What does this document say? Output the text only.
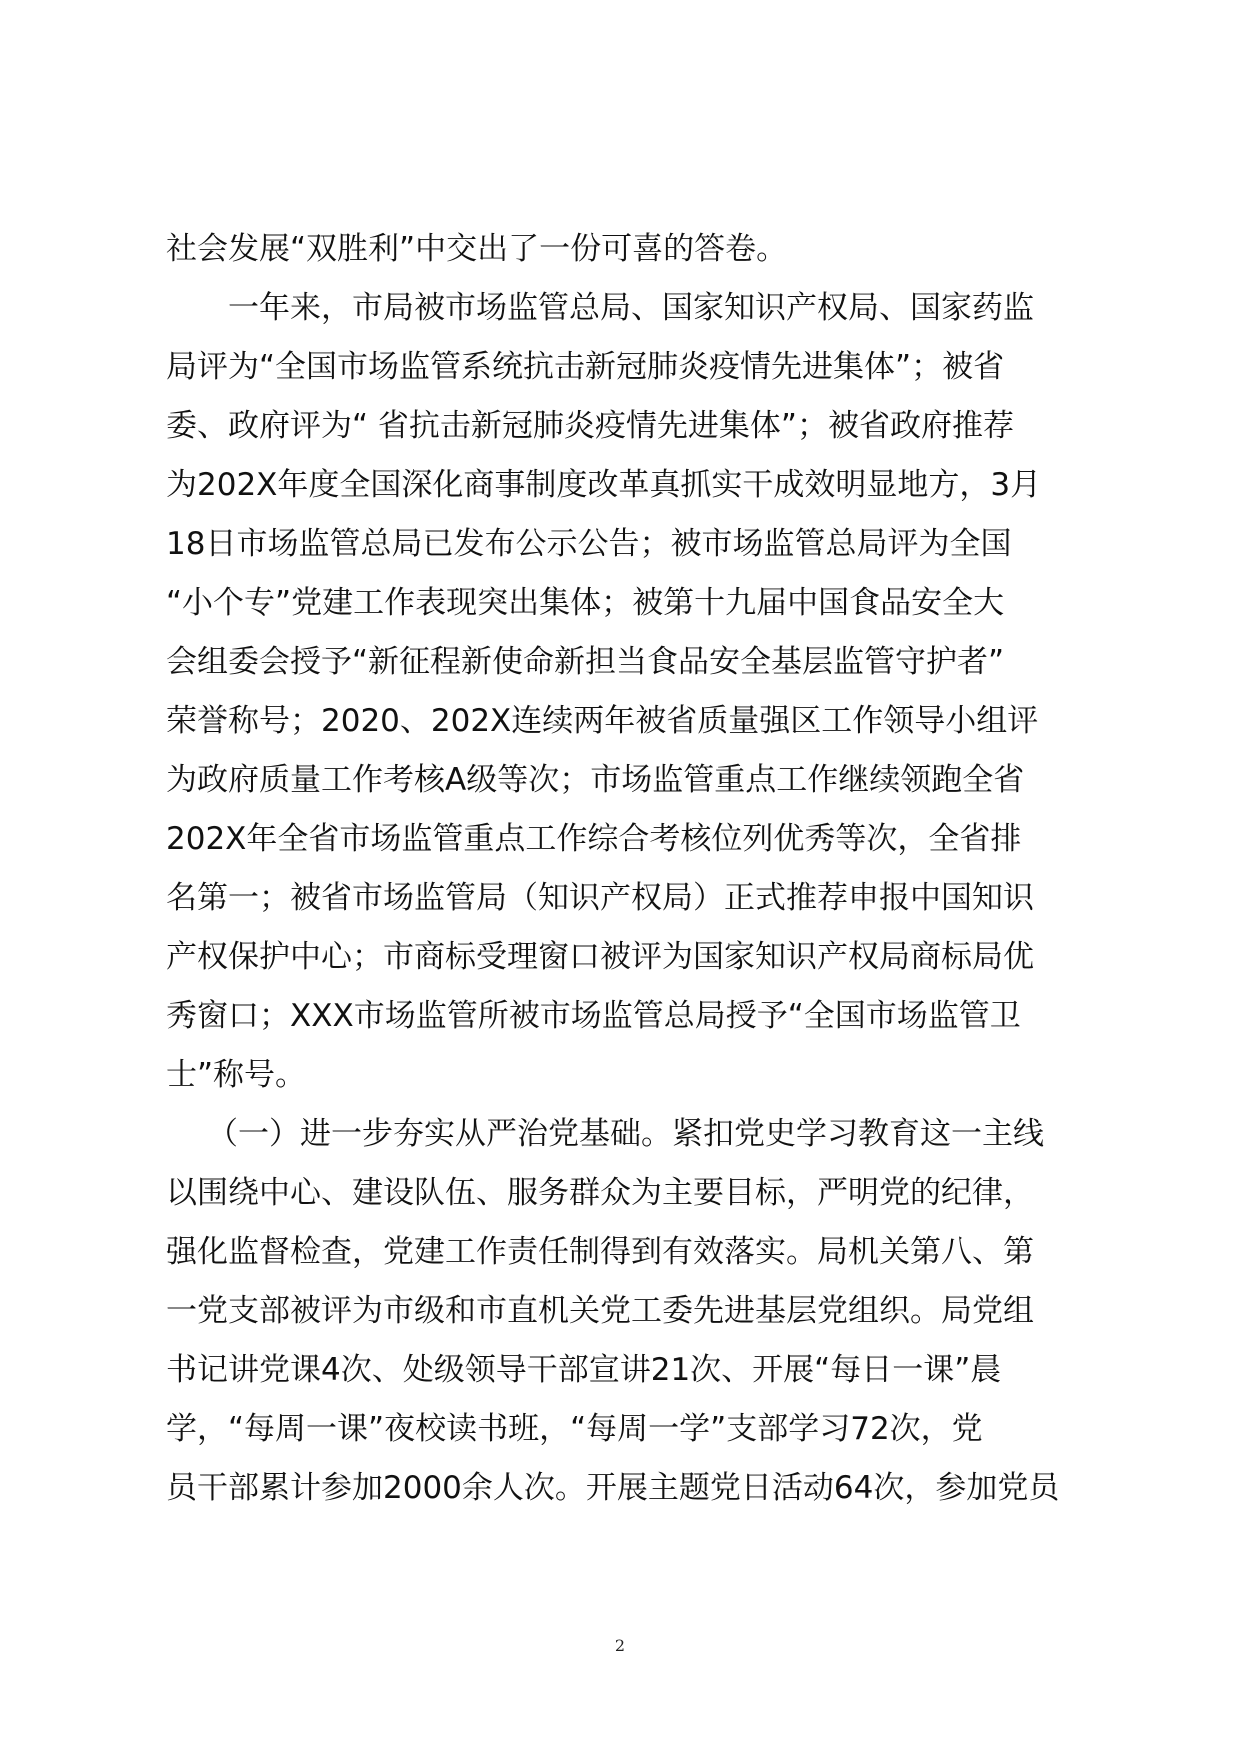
社会发展“双胜利”中交出了一份可喜的答卷。
一年来，市局被市场监管总局、国家知识产权局、国家药监
局评为“全国市场监管系统抗击新冠肺炎疫情先进集体”；被省
委、政府评为“ 省抗击新冠肺炎疫情先进集体”；被省政府推荐
为202X年度全国深化商事制度改革真抓实干成效明显地方，3月
18日市场监管总局已发布公示公告；被市场监管总局评为全国
“小个专”党建工作表现突出集体；被第十九届中国食品安全大
会组委会授予“新征程新使命新担当食品安全基层监管守护者”
荣誉称号；2020、202X连续两年被省质量强区工作领导小组评
为政府质量工作考核A级等次；市场监管重点工作继续领跑全省
202X年全省市场监管重点工作综合考核位列优秀等次，全省排
名第一；被省市场监管局（知识产权局）正式推荐申报中国知识
产权保护中心；市商标受理窗口被评为国家知识产权局商标局优
秀窗口；XXX市场监管所被市场监管总局授予“全国市场监管卫
士”称号。
（一）进一步夯实从严治党基础。紧扣党史学习教育这一主线
以围绕中心、建设队伍、服务群众为主要目标，严明党的纪律，
强化监督检查，党建工作责任制得到有效落实。局机关第八、第
一党支部被评为市级和市直机关党工委先进基层党组织。局党组
书记讲党课4次、处级领导干部宣讲21次、开展“每日一课”晨
学，“每周一课”夜校读书班，“每周一学”支部学习72次，党
员干部累计参加2000余人次。开展主题党日活动64次，参加党员
2
